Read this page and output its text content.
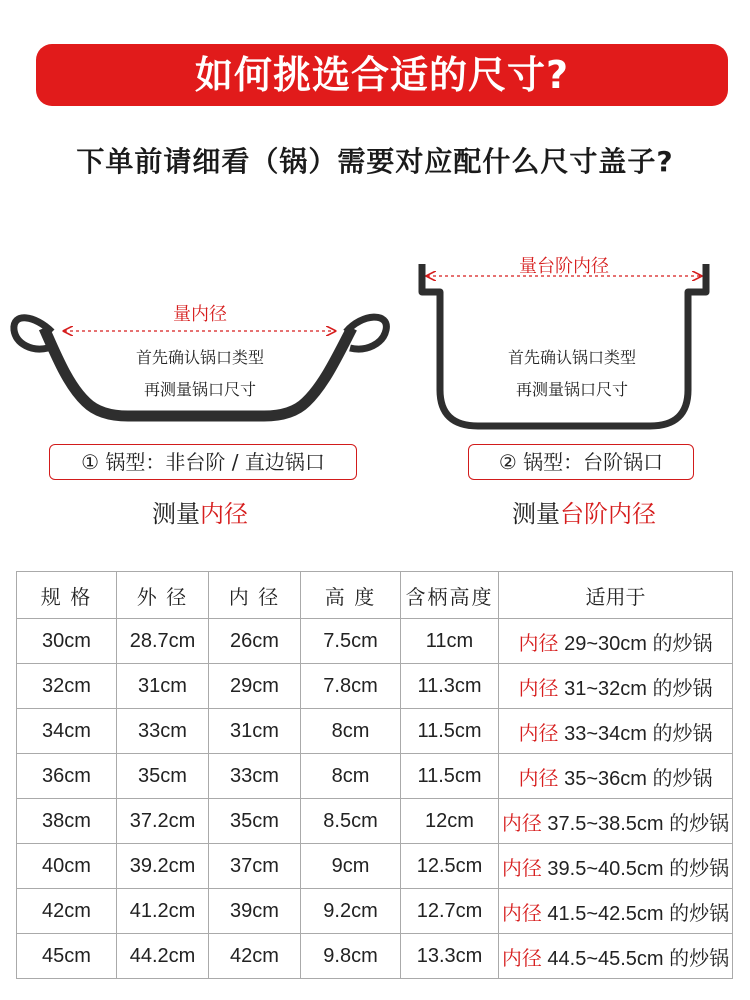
如何挑选合适的尺寸?
下单前请细看（锅）需要对应配什么尺寸盖子?
量内径
首先确认锅口类型
再测量锅口尺寸
量台阶内径
首先确认锅口类型
再测量锅口尺寸
① 锅型：非台阶 / 直边锅口	② 锅型：台阶锅口
测量内径	测量台阶内径
规 格	外 径	内 径	高 度	含柄高度	适用于
30cm	28.7cm	26cm	7.5cm	11cm	内径 29~30cm 的炒锅
32cm	31cm	29cm	7.8cm	11.3cm	内径 31~32cm 的炒锅
34cm	33cm	31cm	8cm	11.5cm	内径 33~34cm 的炒锅
36cm	35cm	33cm	8cm	11.5cm	内径 35~36cm 的炒锅
38cm	37.2cm	35cm	8.5cm	12cm	内径 37.5~38.5cm 的炒锅
40cm	39.2cm	37cm	9cm	12.5cm	内径 39.5~40.5cm 的炒锅
42cm	41.2cm	39cm	9.2cm	12.7cm	内径 41.5~42.5cm 的炒锅
45cm	44.2cm	42cm	9.8cm	13.3cm	内径 44.5~45.5cm 的炒锅
